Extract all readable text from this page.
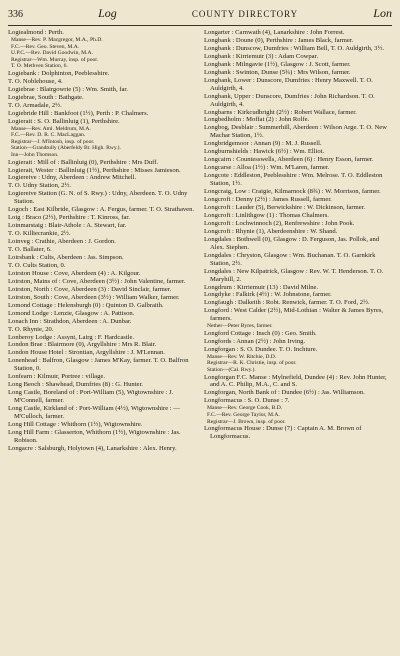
336	Log	COUNTY DIRECTORY	Lon

Logiealmond : Perth.

Manse—Rev. P. Macgregor, M.A., Ph.D.

F.C.—Rev. Geo. Steven, M.A.

U.P.C.—Rev. David Goodwin, M.A.

Registrar—Wm. Murray, insp. of poor.

T. O. Methven Station, 6.

Logiebank : Dolphinton, Peeblesshire.

T. O. Noblehouse, 4.

Logiebrae : Blairgowrie (5) : Wm. Smith, far.

Logiebrae, South : Bathgate.

T. O. Armadale, 2½.

Logiebride Hill : Bankfoot (1½), Perth : P. Chalmers.

Logierait : S. O. Ballinluig (1), Perthshire.

Manse—Rev. Aml. Meldrum, M.A.

F.C.—Rev. D. R. C. MacLaggan.

Registrar—J. M'Intosh, insp. of poor.

Station—Grandtully (Aberfeldy Br. High. Rwy.).

Inn—John Thomson.

Logierait : Mill of : Ballinluig (0), Perthshire : Mrs Duff.

Logierait, Wester : Ballinluig (1½), Perthshire : Misses Jamieson.

Logiereive : Udny, Aberdeen : Andrew Mitchell.

T. O. Udny Station, 2½.

Logiereive Station (G. N. of S. Rwy.) : Udny, Aberdeen. T. O. Udny Station.

Logoch : East Kilbride, Glasgow : A. Fergus, farmer. T. O. Strathaven.

Loig : Braco (2½), Perthshire : T. Kinross, far.

Loinmarstaig : Blair-Athole : A. Stewart, far.

T. O. Killiecrankie, 2½.

Loinveg : Crathie, Aberdeen : J. Gordon.

T. O. Ballater, 6.

Loirsbank : Cults, Aberdeen : Jas. Simpson.

T. O. Cults Station, 0.

Loirston House : Cove, Aberdeen (4) : A. Kilgour.

Loirston, Mains of : Cove, Aberdeen (3½) : John Valentine, farmer.

Loirston, North : Cove, Aberdeen (3) : David Sinclair, farmer.

Loirston, South : Cove, Aberdeen (3½) : William Walker, farmer.

Lomond Cottage : Helensburgh (0) : Quinton D. Galbraith.

Lomond Lodge : Lenzie, Glasgow : A. Pattison.

Lonach Inn : Strathdon, Aberdeen : A. Dunbar.

T. O. Rhynie, 20.

Lonberoy Lodge : Assynt, Lairg : F. Hardcastle.

London Brae : Blairmore (0), Argyllshire : Mrs R. Blair.

London House Hotel : Strontian, Argyllshire : J. M'Lennan.

Lonenhead : Balfron, Glasgow : James M'Kay, farmer. T. O. Balfron Station, 0.

Lonfearn : Kilmuir, Portree : village.

Long Beoch : Shawhead, Dumfries (8) : G. Hunter.

Long Castle, Boreland of : Port-William (5), Wigtownshire : J. M'Connell, farmer.

Long Castle, Kirkland of : Port-William (4½), Wigtownshire : — M'Culloch, farmer.

Long Hill Cottage : Whithorn (1½), Wigtownshire.

Long Hill Farm : Glasserton, Whithorn (1½), Wigtownshire : Jas. Robison.

Longacre : Salsburgh, Holytown (4), Lanarkshire : Alex. Henry.

Longarter : Carnwath (4), Lanarkshire : John Forrest.

Longbank : Doune (0), Perthshire : James Black, farmer.

Longbank : Dunscow, Dumfries : William Bell, T. O. Auldgirth, 3½.

Longbank : Kirriemuir (3) : Adam Cowpar.

Longbank : Milngavie (1½), Glasgow : J. Scott, farmer.

Longbank : Swinton, Dunse (5¾) : Mrs Wilson, farmer.

Longbank, Lower : Dunscore, Dumfries : Henry Maxwell. T. O. Auldgirth, 4.

Longbank, Upper : Dunscore, Dumfries : John Richardson. T. O. Auldgirth, 4.

Longbarns : Kirkcudbright (2½) : Robert Wallace, farmer.

Longbedholm : Moffat (2) : John Rolfe.

Longbog, Desblair : Summerhill, Aberdeen : Wilson Arge. T. O. New Machar Station, 1½.

Longbridgemoor : Annan (9) : M. J. Russell.

Longburnshields : Hawick (6½) : Wm. Elliot.

Longcairn : Countesswells, Aberdeen (6) : Henry Esson, farmer.

Longcarse : Alloa (1½) : Wm. M'Laren, farmer.

Longcote : Eddleston, Peeblesshire : Wm. Melrose. T. O. Eddleston Station, 1½.

Longcraig, Low : Craigie, Kilmarnock (8¾) : W. Morrison, farmer.

Longcroft : Denny (2½) : James Russell, farmer.

Longcroft : Lauder (5), Berwickshire : W. Dickinson, farmer.

Longcroft : Linlithgow (1) : Thomas Chalmers.

Longcroft : Lochwinnoch (2), Renfrewshire : John Pook.

Longcroft : Rhynie (1), Aberdeenshire : W. Shand.

Longdales : Bothwell (0), Glasgow : D. Ferguson, Jas. Pollok, and Alex. Stephen.

Longdales : Chryston, Glasgow : Wm. Buchanan. T. O. Garnkirk Station, 2½.

Longdales : New Kilpatrick, Glasgow : Rev. W. T. Henderson. T. O. Maryhill, 2.

Longdrum : Kirriemuir (13) : David Milne.

Longdyke : Falkirk (4½) : W. Johnstone, farmer.

Longfaugh : Dalkeith : Robt. Renwick, farmer. T. O. Ford, 2½.

Longford : West Calder (2½), Mid-Lothian : Walter & James Byres, farmers.

Nether—Peter Byres, farmer.

Longford Cottage : Insch (0) : Geo. Smith.

Longfords : Annan (2½) : John Irving.

Longforgan : S. O. Dundee. T. O. Inchture.

Manse—Rev. W. Ritchie, D.D.

Registrar—R. K. Christie, insp. of poor.

Station—(Cal. Rwy.).

Longforgan F.C. Manse : Mylnefield, Dundee (4) : Rev. John Hunter, and A. C. Philip, M.A., C. and S.

Longforgan, North Bank of : Dundee (6½) : Jas. Williamson.

Longformacus : S. O. Dunse : 7.

Manse—Rev. George Cook, B.D.

F.C.—Rev. George Taylor, M.A.

Registrar—J. Brown, insp. of poor.

Longformacus House : Dunse (7) : Captain A. M. Brown of Longformacus.
